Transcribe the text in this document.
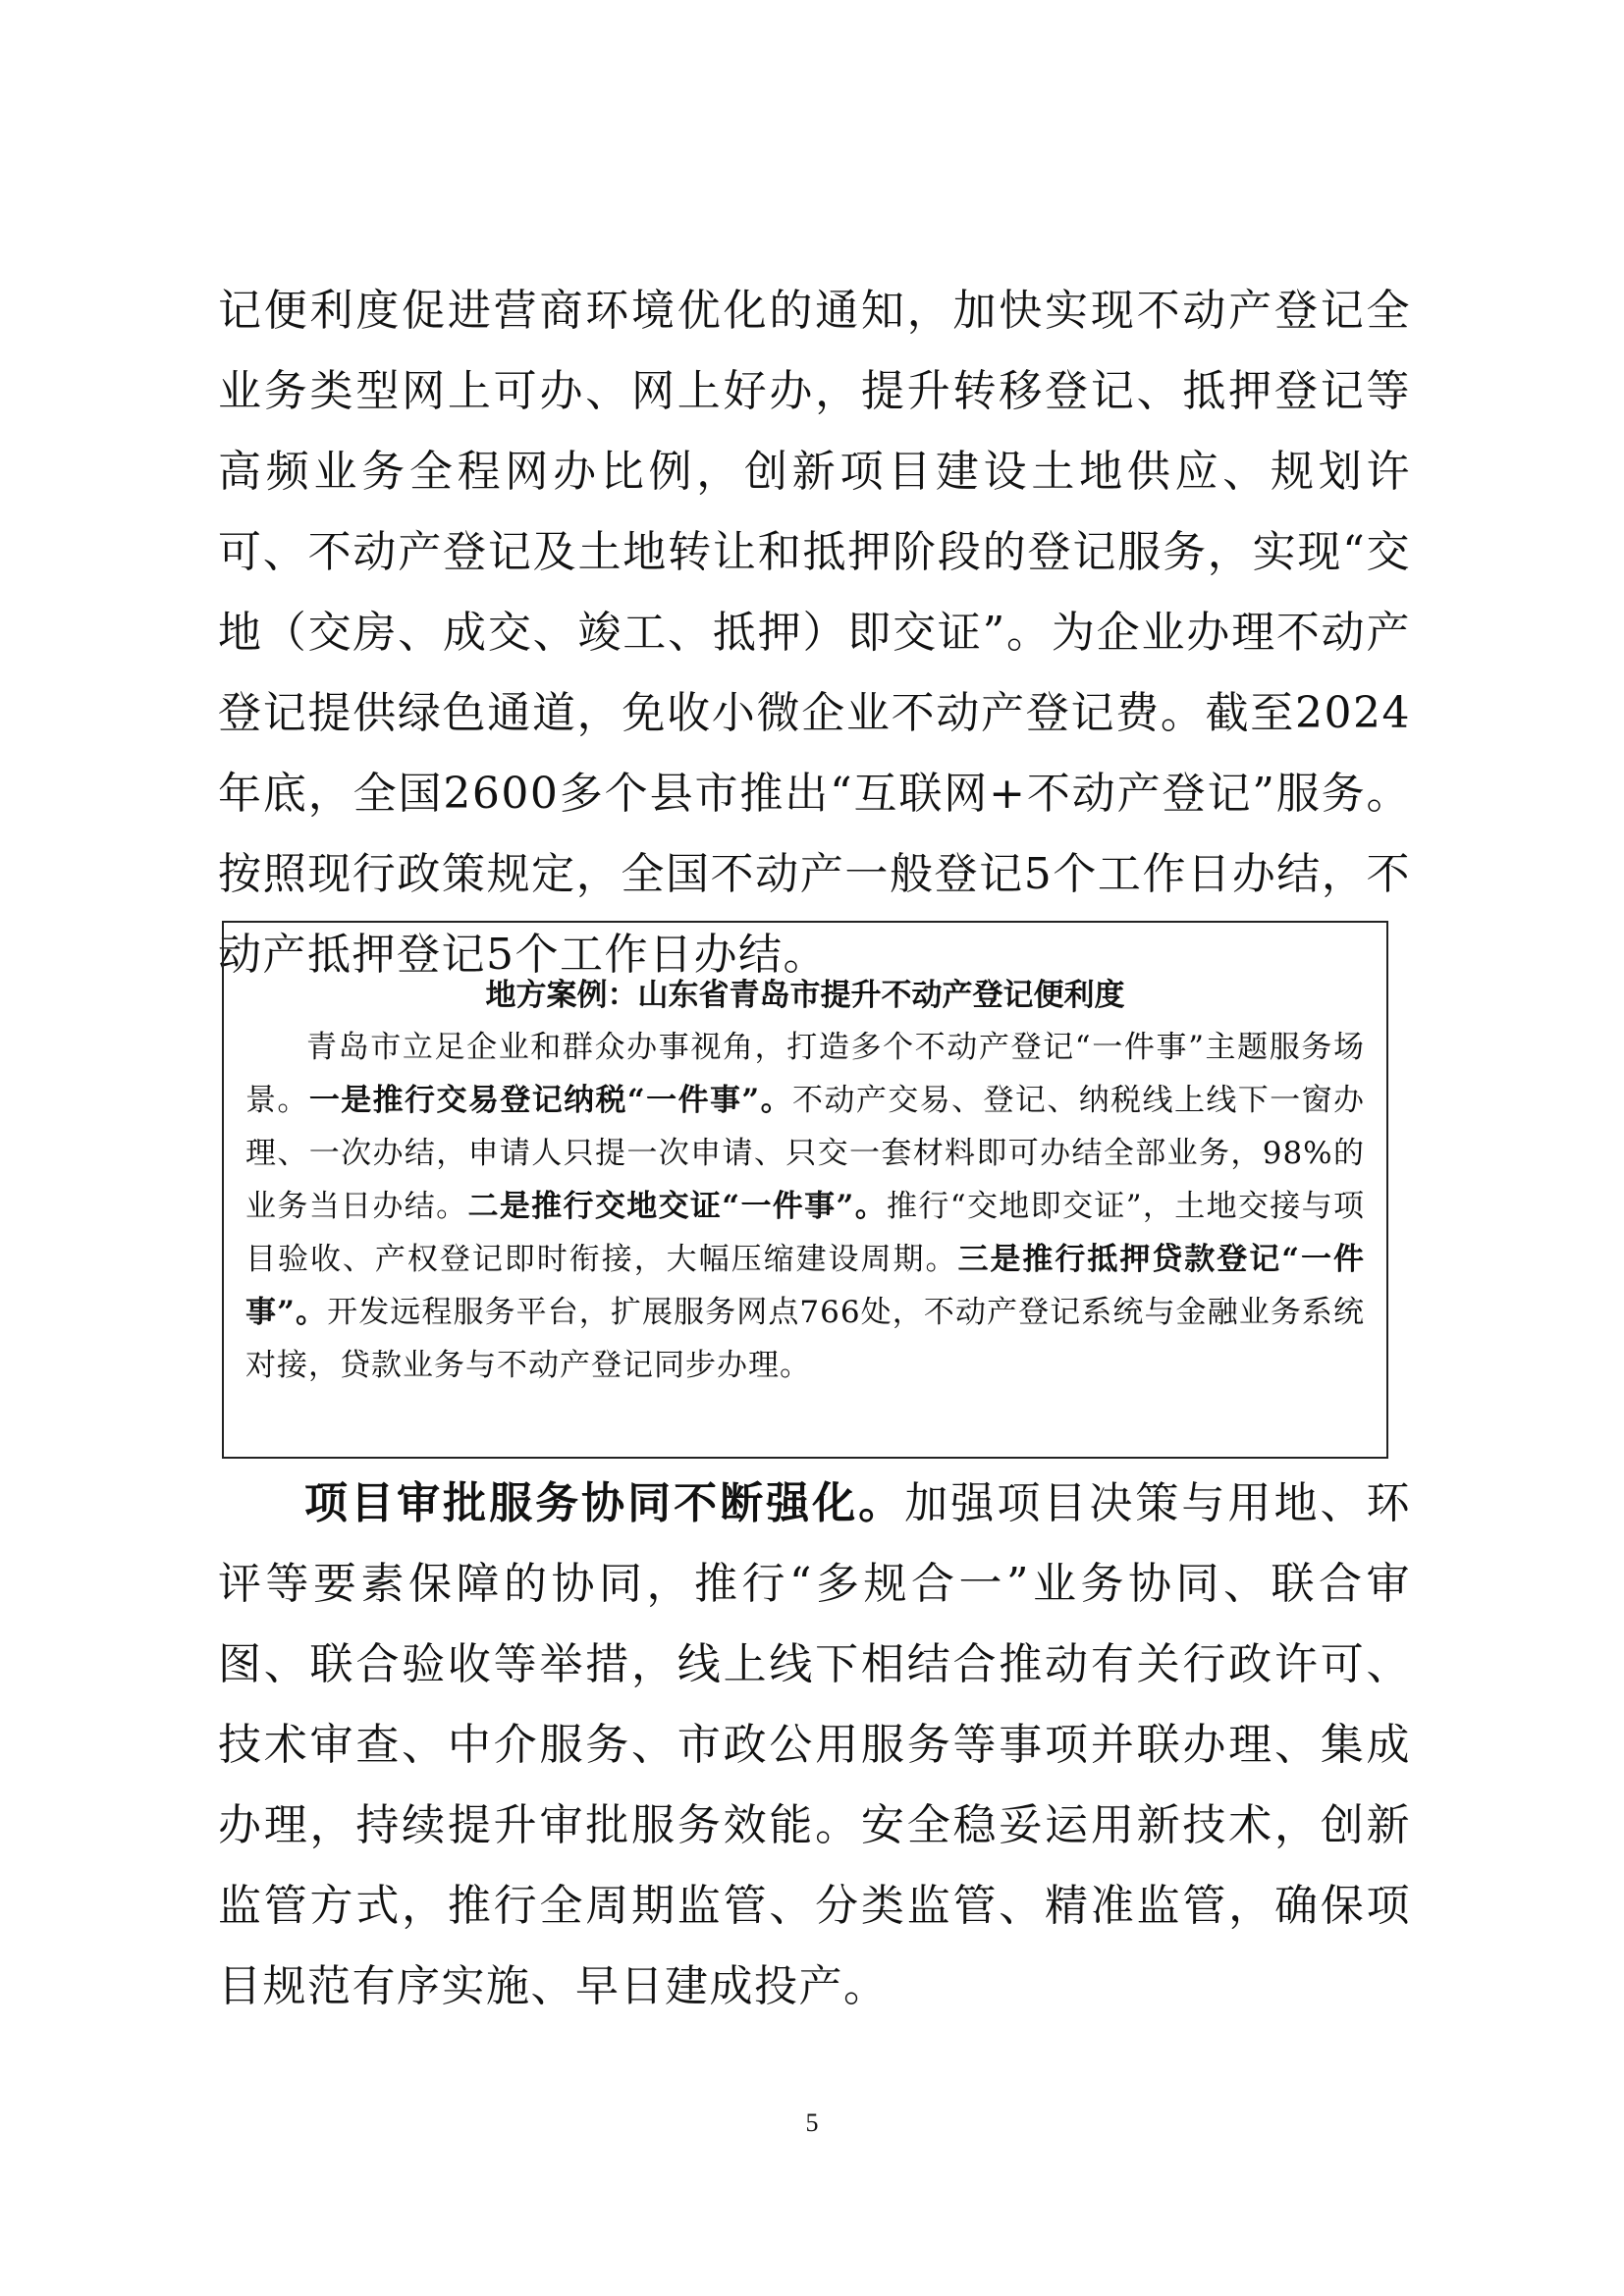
记便利度促进营商环境优化的通知，加快实现不动产登记全业务类型网上可办、网上好办，提升转移登记、抵押登记等高频业务全程网办比例，创新项目建设土地供应、规划许可、不动产登记及土地转让和抵押阶段的登记服务，实现“交地（交房、成交、竣工、抵押）即交证”。为企业办理不动产登记提供绿色通道，免收小微企业不动产登记费。截至2024年底，全国2600多个县市推出“互联网+不动产登记”服务。按照现行政策规定，全国不动产一般登记5个工作日办结，不动产抵押登记5个工作日办结。

地方案例：山东省青岛市提升不动产登记便利度

青岛市立足企业和群众办事视角，打造多个不动产登记“一件事”主题服务场景。一是推行交易登记纳税“一件事”。不动产交易、登记、纳税线上线下一窗办理、一次办结，申请人只提一次申请、只交一套材料即可办结全部业务，98%的业务当日办结。二是推行交地交证“一件事”。推行“交地即交证”，土地交接与项目验收、产权登记即时衔接，大幅压缩建设周期。三是推行抵押贷款登记“一件事”。开发远程服务平台，扩展服务网点766处，不动产登记系统与金融业务系统对接，贷款业务与不动产登记同步办理。

项目审批服务协同不断强化。加强项目决策与用地、环评等要素保障的协同，推行“多规合一”业务协同、联合审图、联合验收等举措，线上线下相结合推动有关行政许可、技术审查、中介服务、市政公用服务等事项并联办理、集成办理，持续提升审批服务效能。安全稳妥运用新技术，创新监管方式，推行全周期监管、分类监管、精准监管，确保项目规范有序实施、早日建成投产。

5
